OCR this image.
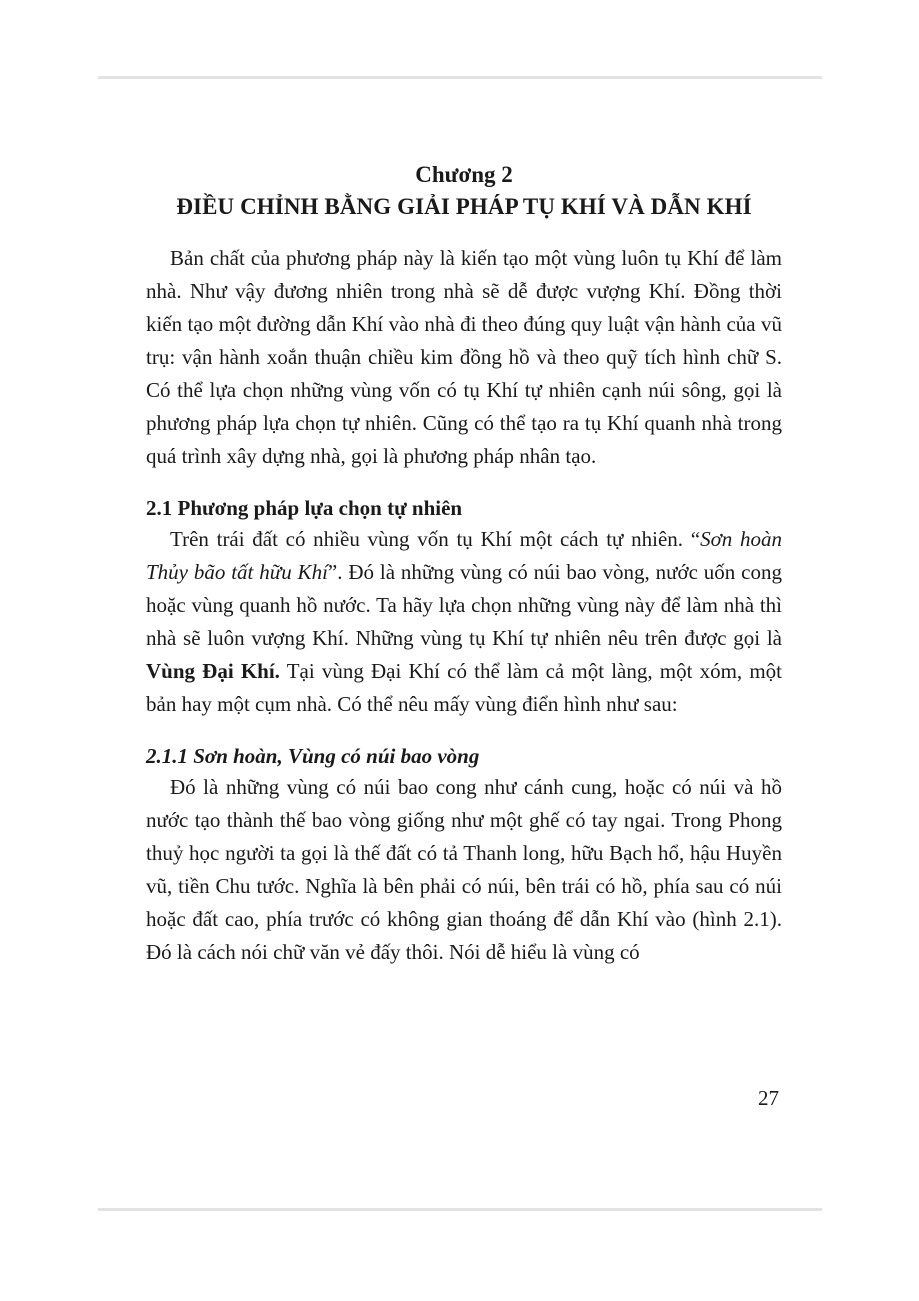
Chương 2
ĐIỀU CHỈNH BẰNG GIẢI PHÁP TỤ KHÍ VÀ DẪN KHÍ

Bản chất của phương pháp này là kiến tạo một vùng luôn tụ Khí để làm nhà. Như vậy đương nhiên trong nhà sẽ dễ được vượng Khí. Đồng thời kiến tạo một đường dẫn Khí vào nhà đi theo đúng quy luật vận hành của vũ trụ: vận hành xoắn thuận chiều kim đồng hồ và theo quỹ tích hình chữ S. Có thể lựa chọn những vùng vốn có tụ Khí tự nhiên cạnh núi sông, gọi là phương pháp lựa chọn tự nhiên. Cũng có thể tạo ra tụ Khí quanh nhà trong quá trình xây dựng nhà, gọi là phương pháp nhân tạo.

2.1 Phương pháp lựa chọn tự nhiên

Trên trái đất có nhiều vùng vốn tụ Khí một cách tự nhiên. “Sơn hoàn Thủy bão tất hữu Khí”. Đó là những vùng có núi bao vòng, nước uốn cong hoặc vùng quanh hồ nước. Ta hãy lựa chọn những vùng này để làm nhà thì nhà sẽ luôn vượng Khí. Những vùng tụ Khí tự nhiên nêu trên được gọi là Vùng Đại Khí. Tại vùng Đại Khí có thể làm cả một làng, một xóm, một bản hay một cụm nhà. Có thể nêu mấy vùng điển hình như sau:

2.1.1 Sơn hoàn, Vùng có núi bao vòng

Đó là những vùng có núi bao cong như cánh cung, hoặc có núi và hồ nước tạo thành thế bao vòng giống như một ghế có tay ngai. Trong Phong thuỷ học người ta gọi là thế đất có tả Thanh long, hữu Bạch hổ, hậu Huyền vũ, tiền Chu tước. Nghĩa là bên phải có núi, bên trái có hồ, phía sau có núi hoặc đất cao, phía trước có không gian thoáng để dẫn Khí vào (hình 2.1). Đó là cách nói chữ văn vẻ đấy thôi. Nói dễ hiểu là vùng có

27
